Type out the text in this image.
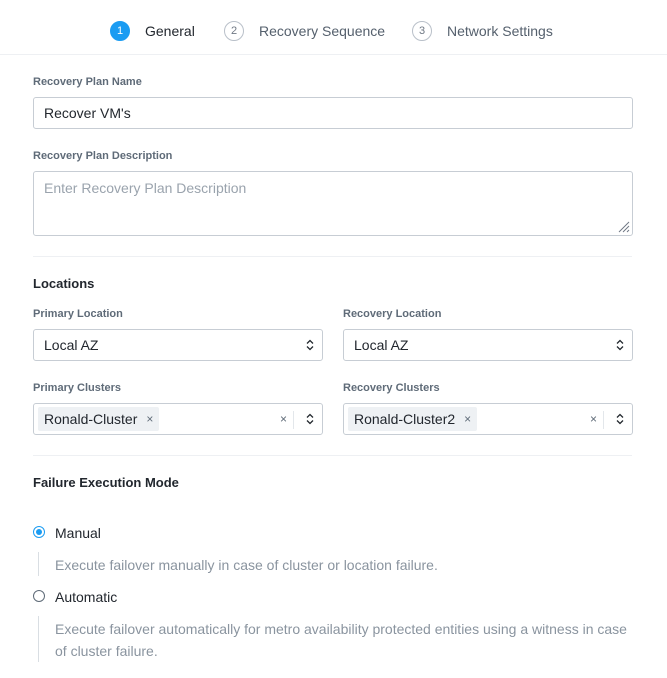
1	General	2	Recovery Sequence	3	Network Settings
Recovery Plan Name
Recover VM's
Recovery Plan Description
Enter Recovery Plan Description
Locations
Primary Location
Local AZ
Recovery Location
Local AZ
Primary Clusters
Ronald-Cluster ×	×
Recovery Clusters
Ronald-Cluster2 ×	×
Failure Execution Mode
Manual
Execute failover manually in case of cluster or location failure.
Automatic
Execute failover automatically for metro availability protected entities using a witness in case
of cluster failure.
